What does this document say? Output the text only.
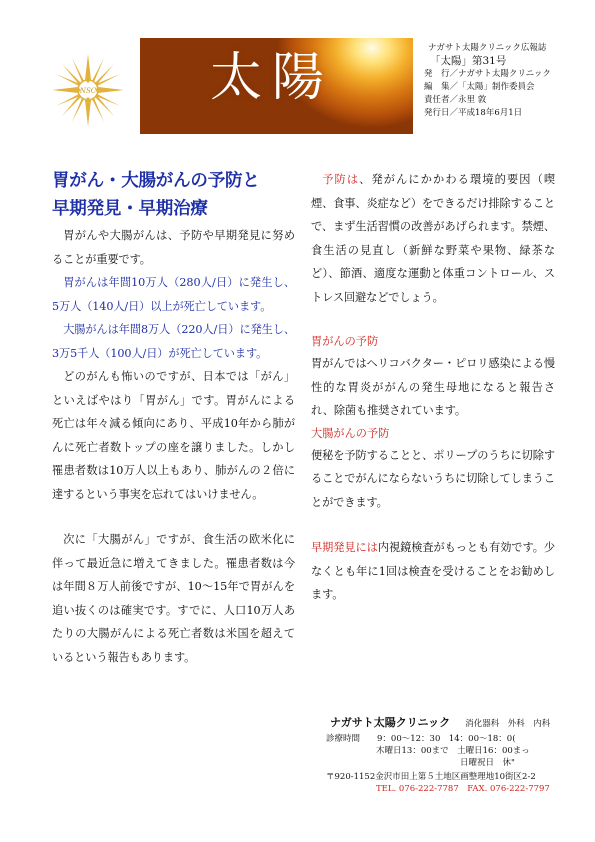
NSC 太陽	ナガサト太陽クリニック広報誌
「太陽」第31号
発　行／ナガサト太陽クリニック
編　集／「太陽」制作委員会
責任者／永里 敦
発行日／平成18年6月1日
胃がん・大腸がんの予防と
早期発見・早期治療
胃がんや大腸がんは、予防や早期発見に努めることが重要です。
胃がんは年間10万人（280人/日）に発生し、5万人（140人/日）以上が死亡しています。
大腸がんは年間8万人（220人/日）に発生し、3万5千人（100人/日）が死亡しています。
どのがんも怖いのですが、日本では「がん」といえばやはり「胃がん」です。胃がんによる死亡は年々減る傾向にあり、平成10年から肺がんに死亡者数トップの座を譲りました。しかし罹患者数は10万人以上もあり、肺がんの２倍に達するという事実を忘れてはいけません。
次に「大腸がん」ですが、食生活の欧米化に伴って最近急に増えてきました。罹患者数は今は年間８万人前後ですが、10〜15年で胃がんを追い抜くのは確実です。すでに、人口10万人あたりの大腸がんによる死亡者数は米国を超えているという報告もあります。
予防は、発がんにかかわる環境的要因（喫煙、食事、炎症など）をできるだけ排除することで、まず生活習慣の改善があげられます。禁煙、食生活の見直し（新鮮な野菜や果物、緑茶など）、節酒、適度な運動と体重コントロール、ストレス回避などでしょう。
胃がんの予防
胃がんではヘリコバクター・ピロリ感染による慢性的な胃炎ががんの発生母地になると報告され、除菌も推奨されています。
大腸がんの予防
便秘を予防することと、ポリープのうちに切除することでがんにならないうちに切除してしまうことができます。
早期発見には内視鏡検査がもっとも有効です。少なくとも年に1回は検査を受けることをお勧めします。
ナガサト太陽クリニック 消化器科　外科　内科
診療時間　　9：00〜12：30　14：00〜18：0(
木曜日13：00まで　土曜日16：00まっ
日曜祝日　休"
〒920-1152金沢市田上第５土地区画整理地10街区2-2
TEL. 076-222-7787　FAX. 076-222-7797
